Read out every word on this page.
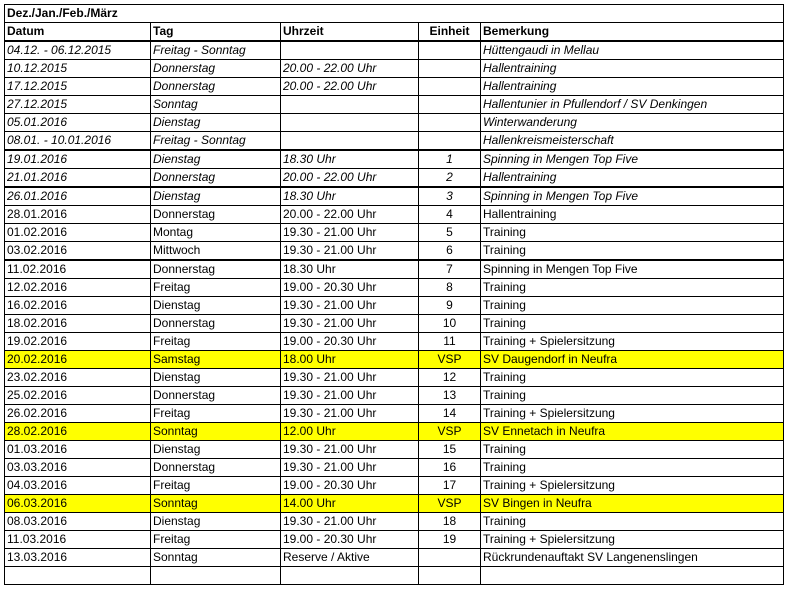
Dez./Jan./Feb./März				
Datum	Tag	Uhrzeit	Einheit	Bemerkung
04.12. - 06.12.2015	Freitag - Sonntag			Hüttengaudi in Mellau
10.12.2015	Donnerstag	20.00 - 22.00 Uhr		Hallentraining
17.12.2015	Donnerstag	20.00 - 22.00 Uhr		Hallentraining
27.12.2015	Sonntag			Hallentunier in Pfullendorf / SV Denkingen
05.01.2016	Dienstag			Winterwanderung
08.01. - 10.01.2016	Freitag - Sonntag			Hallenkreismeisterschaft
19.01.2016	Dienstag	18.30 Uhr	1	Spinning in Mengen Top Five
21.01.2016	Donnerstag	20.00 - 22.00 Uhr	2	Hallentraining
26.01.2016	Dienstag	18.30 Uhr	3	Spinning in Mengen Top Five
28.01.2016	Donnerstag	20.00 - 22.00 Uhr	4	Hallentraining
01.02.2016	Montag	19.30 - 21.00 Uhr	5	Training
03.02.2016	Mittwoch	19.30 - 21.00 Uhr	6	Training
11.02.2016	Donnerstag	18.30 Uhr	7	Spinning in Mengen Top Five
12.02.2016	Freitag	19.00 - 20.30 Uhr	8	Training
16.02.2016	Dienstag	19.30 - 21.00 Uhr	9	Training
18.02.2016	Donnerstag	19.30 - 21.00 Uhr	10	Training
19.02.2016	Freitag	19.00 - 20.30 Uhr	11	Training + Spielersitzung
20.02.2016	Samstag	18.00 Uhr	VSP	SV Daugendorf in Neufra
23.02.2016	Dienstag	19.30 - 21.00 Uhr	12	Training
25.02.2016	Donnerstag	19.30 - 21.00 Uhr	13	Training
26.02.2016	Freitag	19.30 - 21.00 Uhr	14	Training + Spielersitzung
28.02.2016	Sonntag	12.00 Uhr	VSP	SV Ennetach in Neufra
01.03.2016	Dienstag	19.30 - 21.00 Uhr	15	Training
03.03.2016	Donnerstag	19.30 - 21.00 Uhr	16	Training
04.03.2016	Freitag	19.00 - 20.30 Uhr	17	Training + Spielersitzung
06.03.2016	Sonntag	14.00 Uhr	VSP	SV Bingen in Neufra
08.03.2016	Dienstag	19.30 - 21.00 Uhr	18	Training
11.03.2016	Freitag	19.00 - 20.30 Uhr	19	Training + Spielersitzung
13.03.2016	Sonntag	Reserve / Aktive		Rückrundenauftakt SV Langenenslingen
